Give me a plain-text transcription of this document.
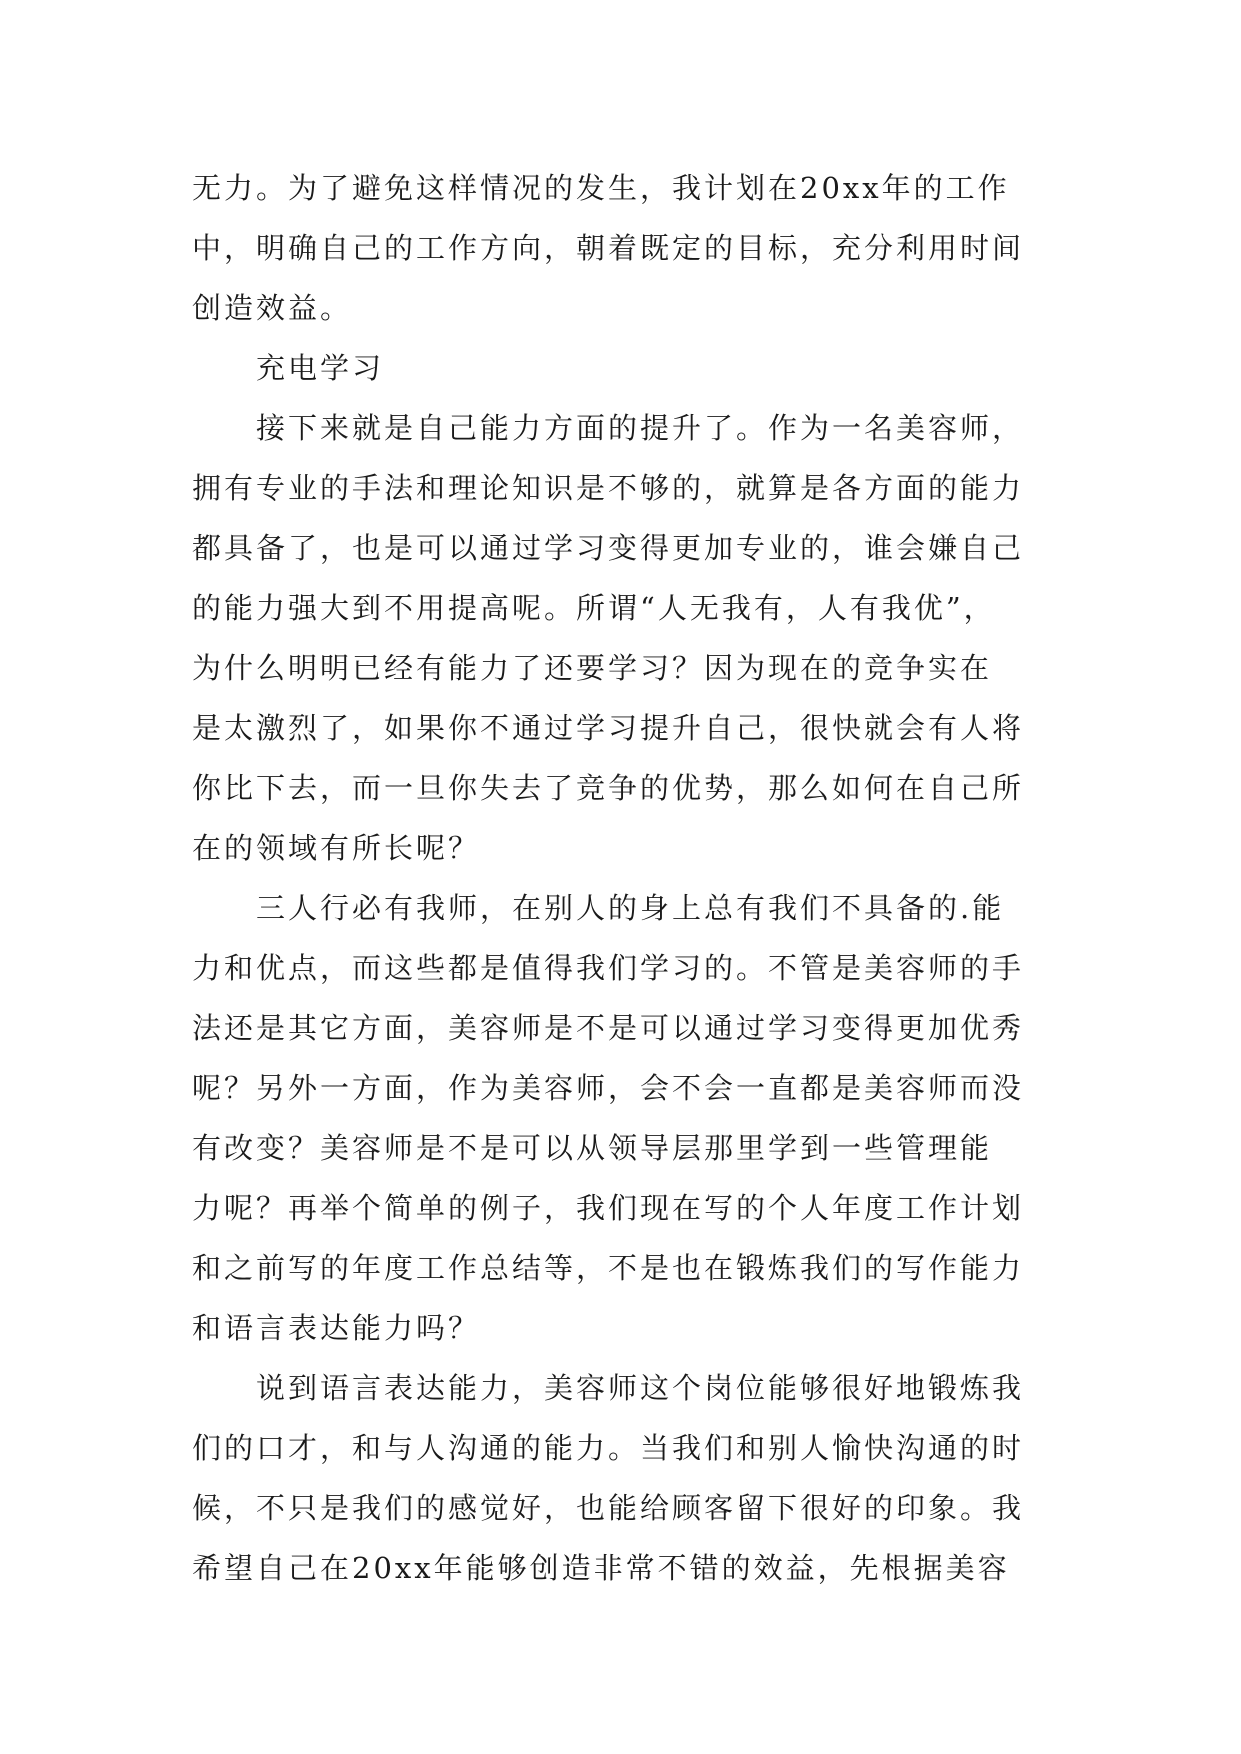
无力。为了避免这样情况的发生，我计划在20xx年的工作
中，明确自己的工作方向，朝着既定的目标，充分利用时间
创造效益。
充电学习
接下来就是自己能力方面的提升了。作为一名美容师，
拥有专业的手法和理论知识是不够的，就算是各方面的能力
都具备了，也是可以通过学习变得更加专业的，谁会嫌自己
的能力强大到不用提高呢。所谓“人无我有，人有我优”，
为什么明明已经有能力了还要学习？因为现在的竞争实在
是太激烈了，如果你不通过学习提升自己，很快就会有人将
你比下去，而一旦你失去了竞争的优势，那么如何在自己所
在的领域有所长呢？
三人行必有我师，在别人的身上总有我们不具备的.能
力和优点，而这些都是值得我们学习的。不管是美容师的手
法还是其它方面，美容师是不是可以通过学习变得更加优秀
呢？另外一方面，作为美容师，会不会一直都是美容师而没
有改变？美容师是不是可以从领导层那里学到一些管理能
力呢？再举个简单的例子，我们现在写的个人年度工作计划
和之前写的年度工作总结等，不是也在锻炼我们的写作能力
和语言表达能力吗？
说到语言表达能力，美容师这个岗位能够很好地锻炼我
们的口才，和与人沟通的能力。当我们和别人愉快沟通的时
候，不只是我们的感觉好，也能给顾客留下很好的印象。我
希望自己在20xx年能够创造非常不错的效益，先根据美容
